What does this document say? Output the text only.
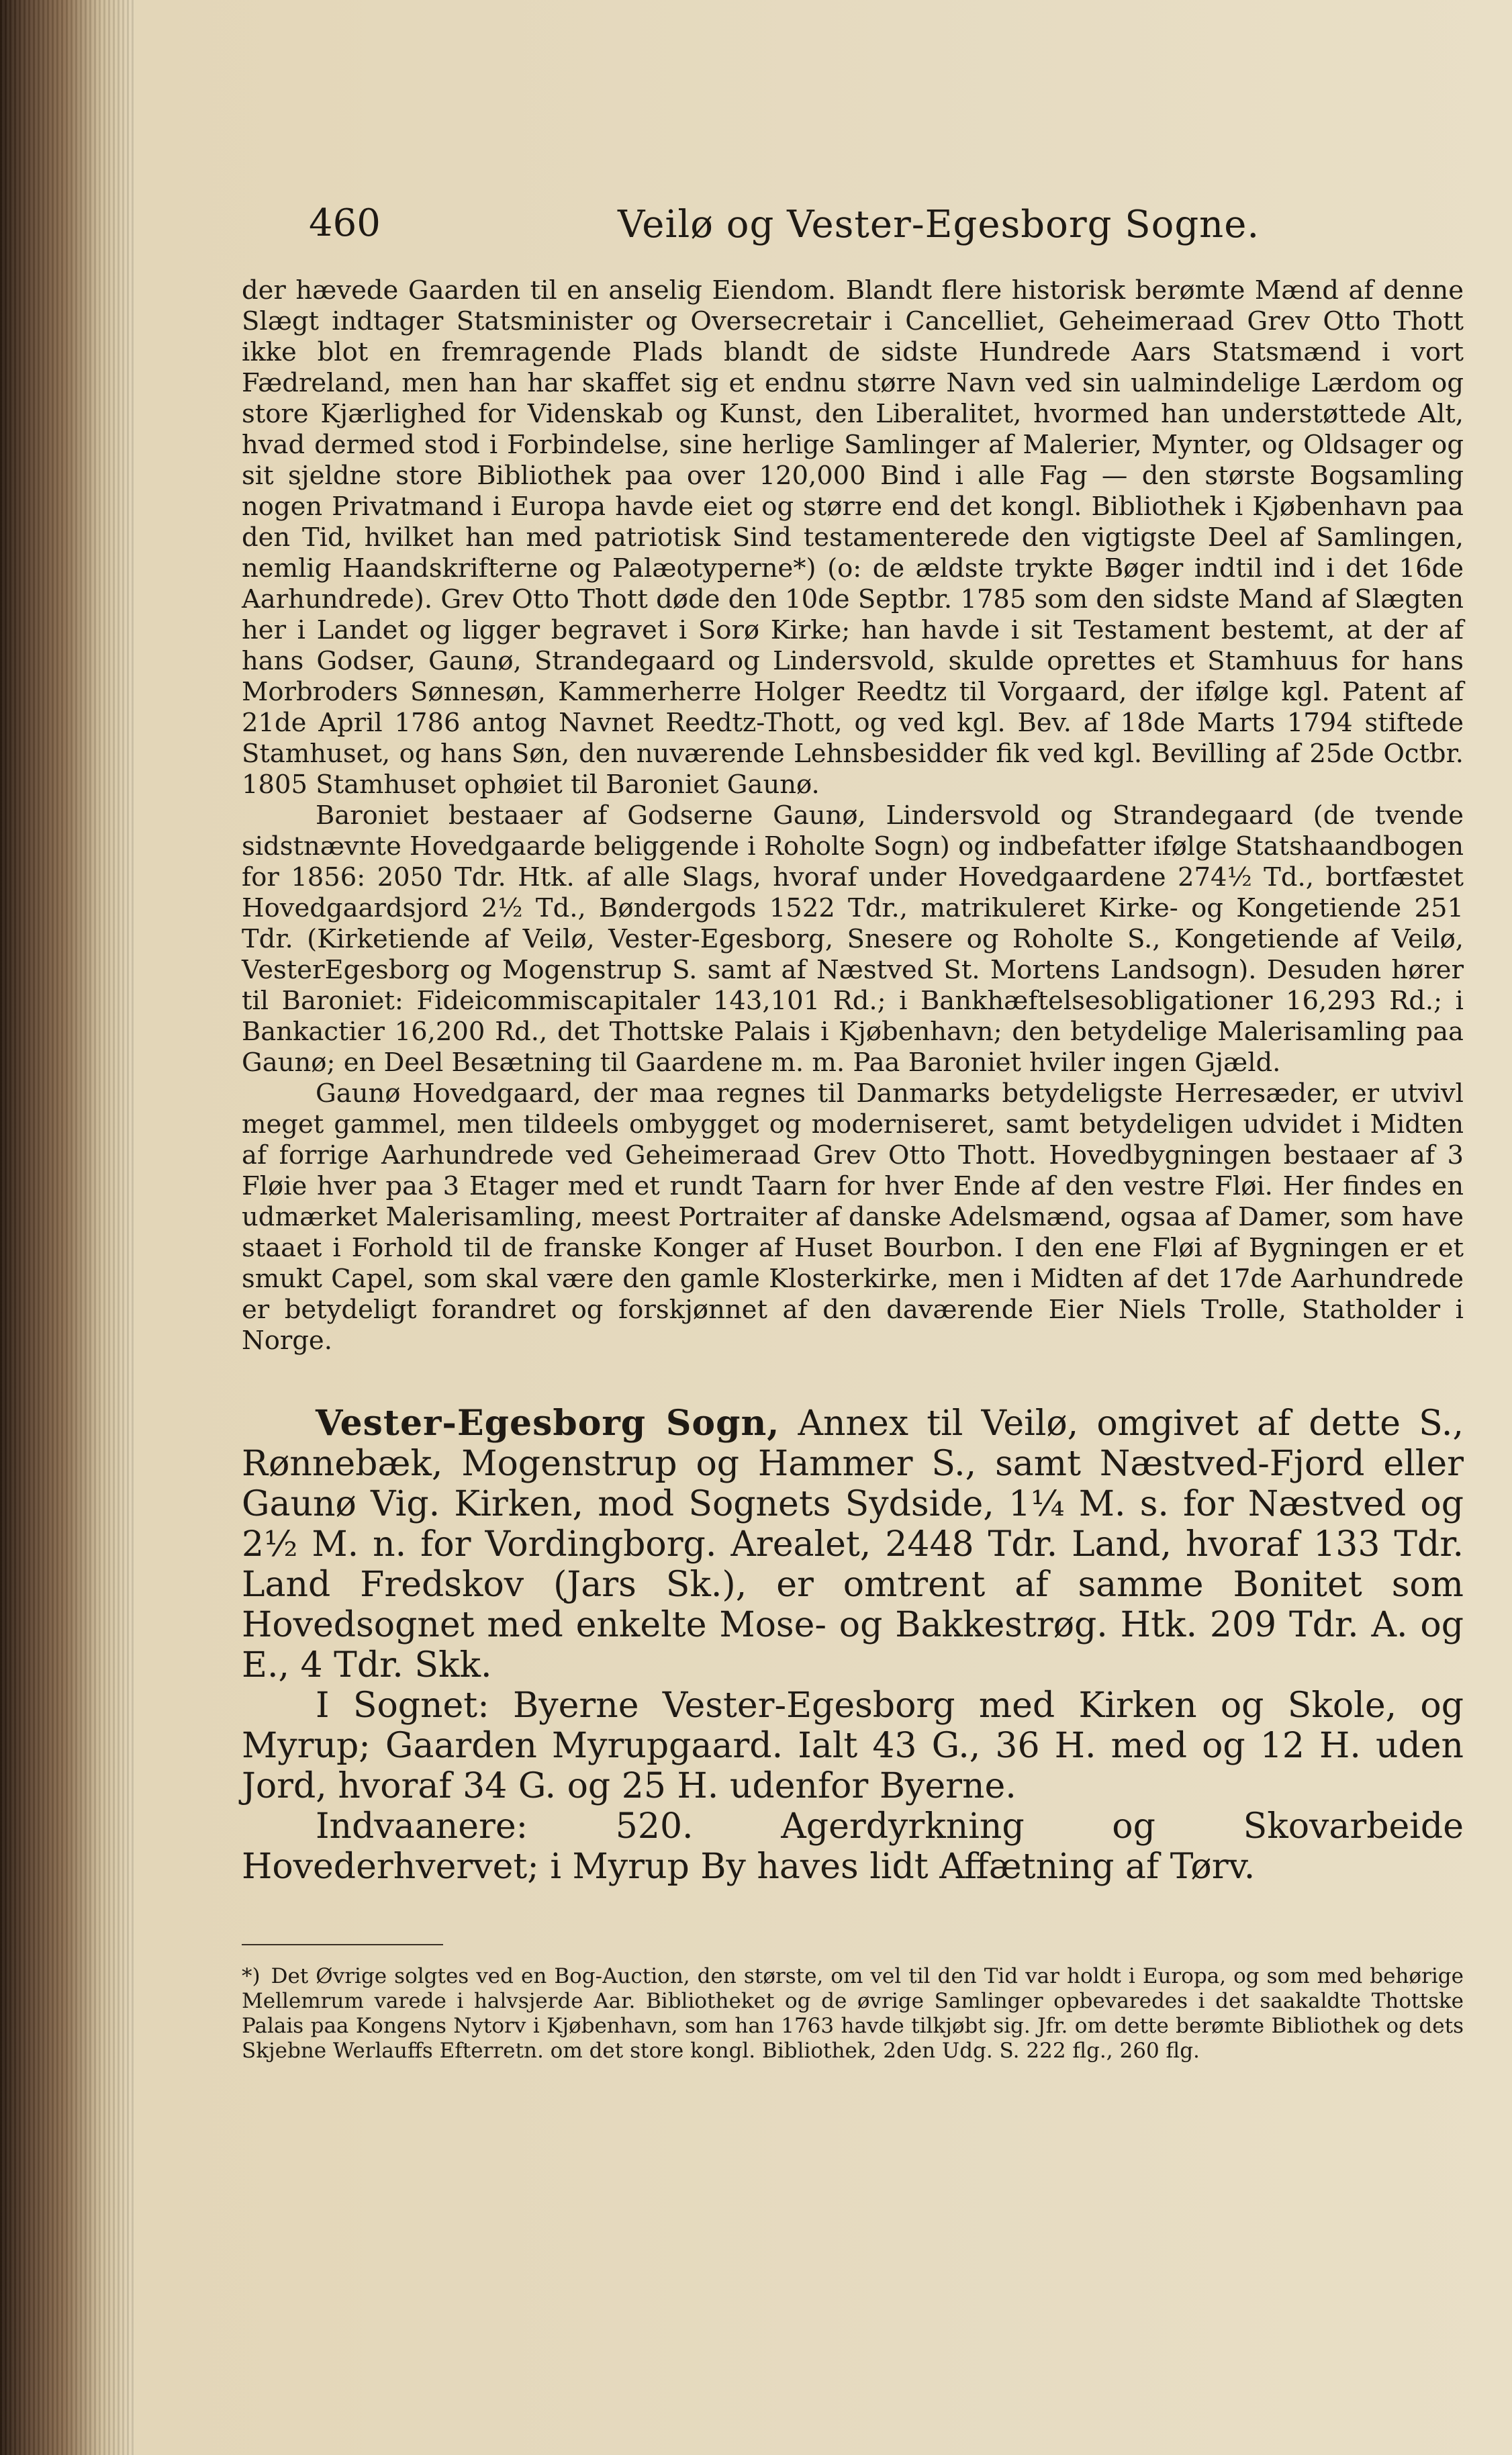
460	Veilø og Vester-Egesborg Sogne.

der hævede Gaarden til en anselig Eiendom. Blandt flere historisk berømte Mænd af denne Slægt indtager Statsminister og Oversecretair i Cancelliet, Geheimeraad Grev Otto Thott ikke blot en fremragende Plads blandt de sidste Hundrede Aars Statsmænd i vort Fædreland, men han har skaffet sig et endnu større Navn ved sin ualmindelige Lærdom og store Kjærlighed for Videnskab og Kunst, den Liberalitet, hvormed han understøttede Alt, hvad dermed stod i Forbindelse, sine herlige Samlinger af Malerier, Mynter, og Oldsager og sit sjeldne store Bibliothek paa over 120,000 Bind i alle Fag — den største Bogsamling nogen Privatmand i Europa havde eiet og større end det kongl. Bibliothek i Kjøbenhavn paa den Tid, hvilket han med patriotisk Sind testamenterede den vigtigste Deel af Samlingen, nemlig Haandskrifterne og Palæotyperne*) (o: de ældste trykte Bøger indtil ind i det 16de Aarhundrede). Grev Otto Thott døde den 10de Septbr. 1785 som den sidste Mand af Slægten her i Landet og ligger begravet i Sorø Kirke; han havde i sit Testament bestemt, at der af hans Godser, Gaunø, Strandegaard og Lindersvold, skulde oprettes et Stamhuus for hans Morbroders Sønnesøn, Kammerherre Holger Reedtz til Vorgaard, der ifølge kgl. Patent af 21de April 1786 antog Navnet Reedtz-Thott, og ved kgl. Bev. af 18de Marts 1794 stiftede Stamhuset, og hans Søn, den nuværende Lehnsbesidder fik ved kgl. Bevilling af 25de Octbr. 1805 Stamhuset ophøiet til Baroniet Gaunø.

Baroniet bestaaer af Godserne Gaunø, Lindersvold og Strandegaard (de tvende sidstnævnte Hovedgaarde beliggende i Roholte Sogn) og indbefatter ifølge Statshaandbogen for 1856: 2050 Tdr. Htk. af alle Slags, hvoraf under Hovedgaardene 274½ Td., bortfæstet Hovedgaardsjord 2½ Td., Bøndergods 1522 Tdr., matrikuleret Kirke- og Kongetiende 251 Tdr. (Kirketiende af Veilø, Vester-Egesborg, Snesere og Roholte S., Kongetiende af Veilø, VesterEgesborg og Mogenstrup S. samt af Næstved St. Mortens Landsogn). Desuden hører til Baroniet: Fideicommiscapitaler 143,101 Rd.; i Bankhæftelsesobligationer 16,293 Rd.; i Bankactier 16,200 Rd., det Thottske Palais i Kjøbenhavn; den betydelige Malerisamling paa Gaunø; en Deel Besætning til Gaardene m. m. Paa Baroniet hviler ingen Gjæld.

Gaunø Hovedgaard, der maa regnes til Danmarks betydeligste Herresæder, er utvivl meget gammel, men tildeels ombygget og moderniseret, samt betydeligen udvidet i Midten af forrige Aarhundrede ved Geheimeraad Grev Otto Thott. Hovedbygningen bestaaer af 3 Fløie hver paa 3 Etager med et rundt Taarn for hver Ende af den vestre Fløi. Her findes en udmærket Malerisamling, meest Portraiter af danske Adelsmænd, ogsaa af Damer, som have staaet i Forhold til de franske Konger af Huset Bourbon. I den ene Fløi af Bygningen er et smukt Capel, som skal være den gamle Klosterkirke, men i Midten af det 17de Aarhundrede er betydeligt forandret og forskjønnet af den daværende Eier Niels Trolle, Statholder i Norge.

Vester-Egesborg Sogn, Annex til Veilø, omgivet af dette S., Rønnebæk, Mogenstrup og Hammer S., samt Næstved-Fjord eller Gaunø Vig. Kirken, mod Sognets Sydside, 1¼ M. s. for Næstved og 2½ M. n. for Vordingborg. Arealet, 2448 Tdr. Land, hvoraf 133 Tdr. Land Fredskov (Jars Sk.), er omtrent af samme Bonitet som Hovedsognet med enkelte Mose- og Bakkestrøg. Htk. 209 Tdr. A. og E., 4 Tdr. Skk.

I Sognet: Byerne Vester-Egesborg med Kirken og Skole, og Myrup; Gaarden Myrupgaard. Ialt 43 G., 36 H. med og 12 H. uden Jord, hvoraf 34 G. og 25 H. udenfor Byerne.

Indvaanere: 520. Agerdyrkning og Skovarbeide Hovederhvervet; i Myrup By haves lidt Affætning af Tørv.

*) Det Øvrige solgtes ved en Bog-Auction, den største, om vel til den Tid var holdt i Europa, og som med behørige Mellemrum varede i halvsjerde Aar. Bibliotheket og de øvrige Samlinger opbevaredes i det saakaldte Thottske Palais paa Kongens Nytorv i Kjøbenhavn, som han 1763 havde tilkjøbt sig. Jfr. om dette berømte Bibliothek og dets Skjebne Werlauffs Efterretn. om det store kongl. Bibliothek, 2den Udg. S. 222 flg., 260 flg.
